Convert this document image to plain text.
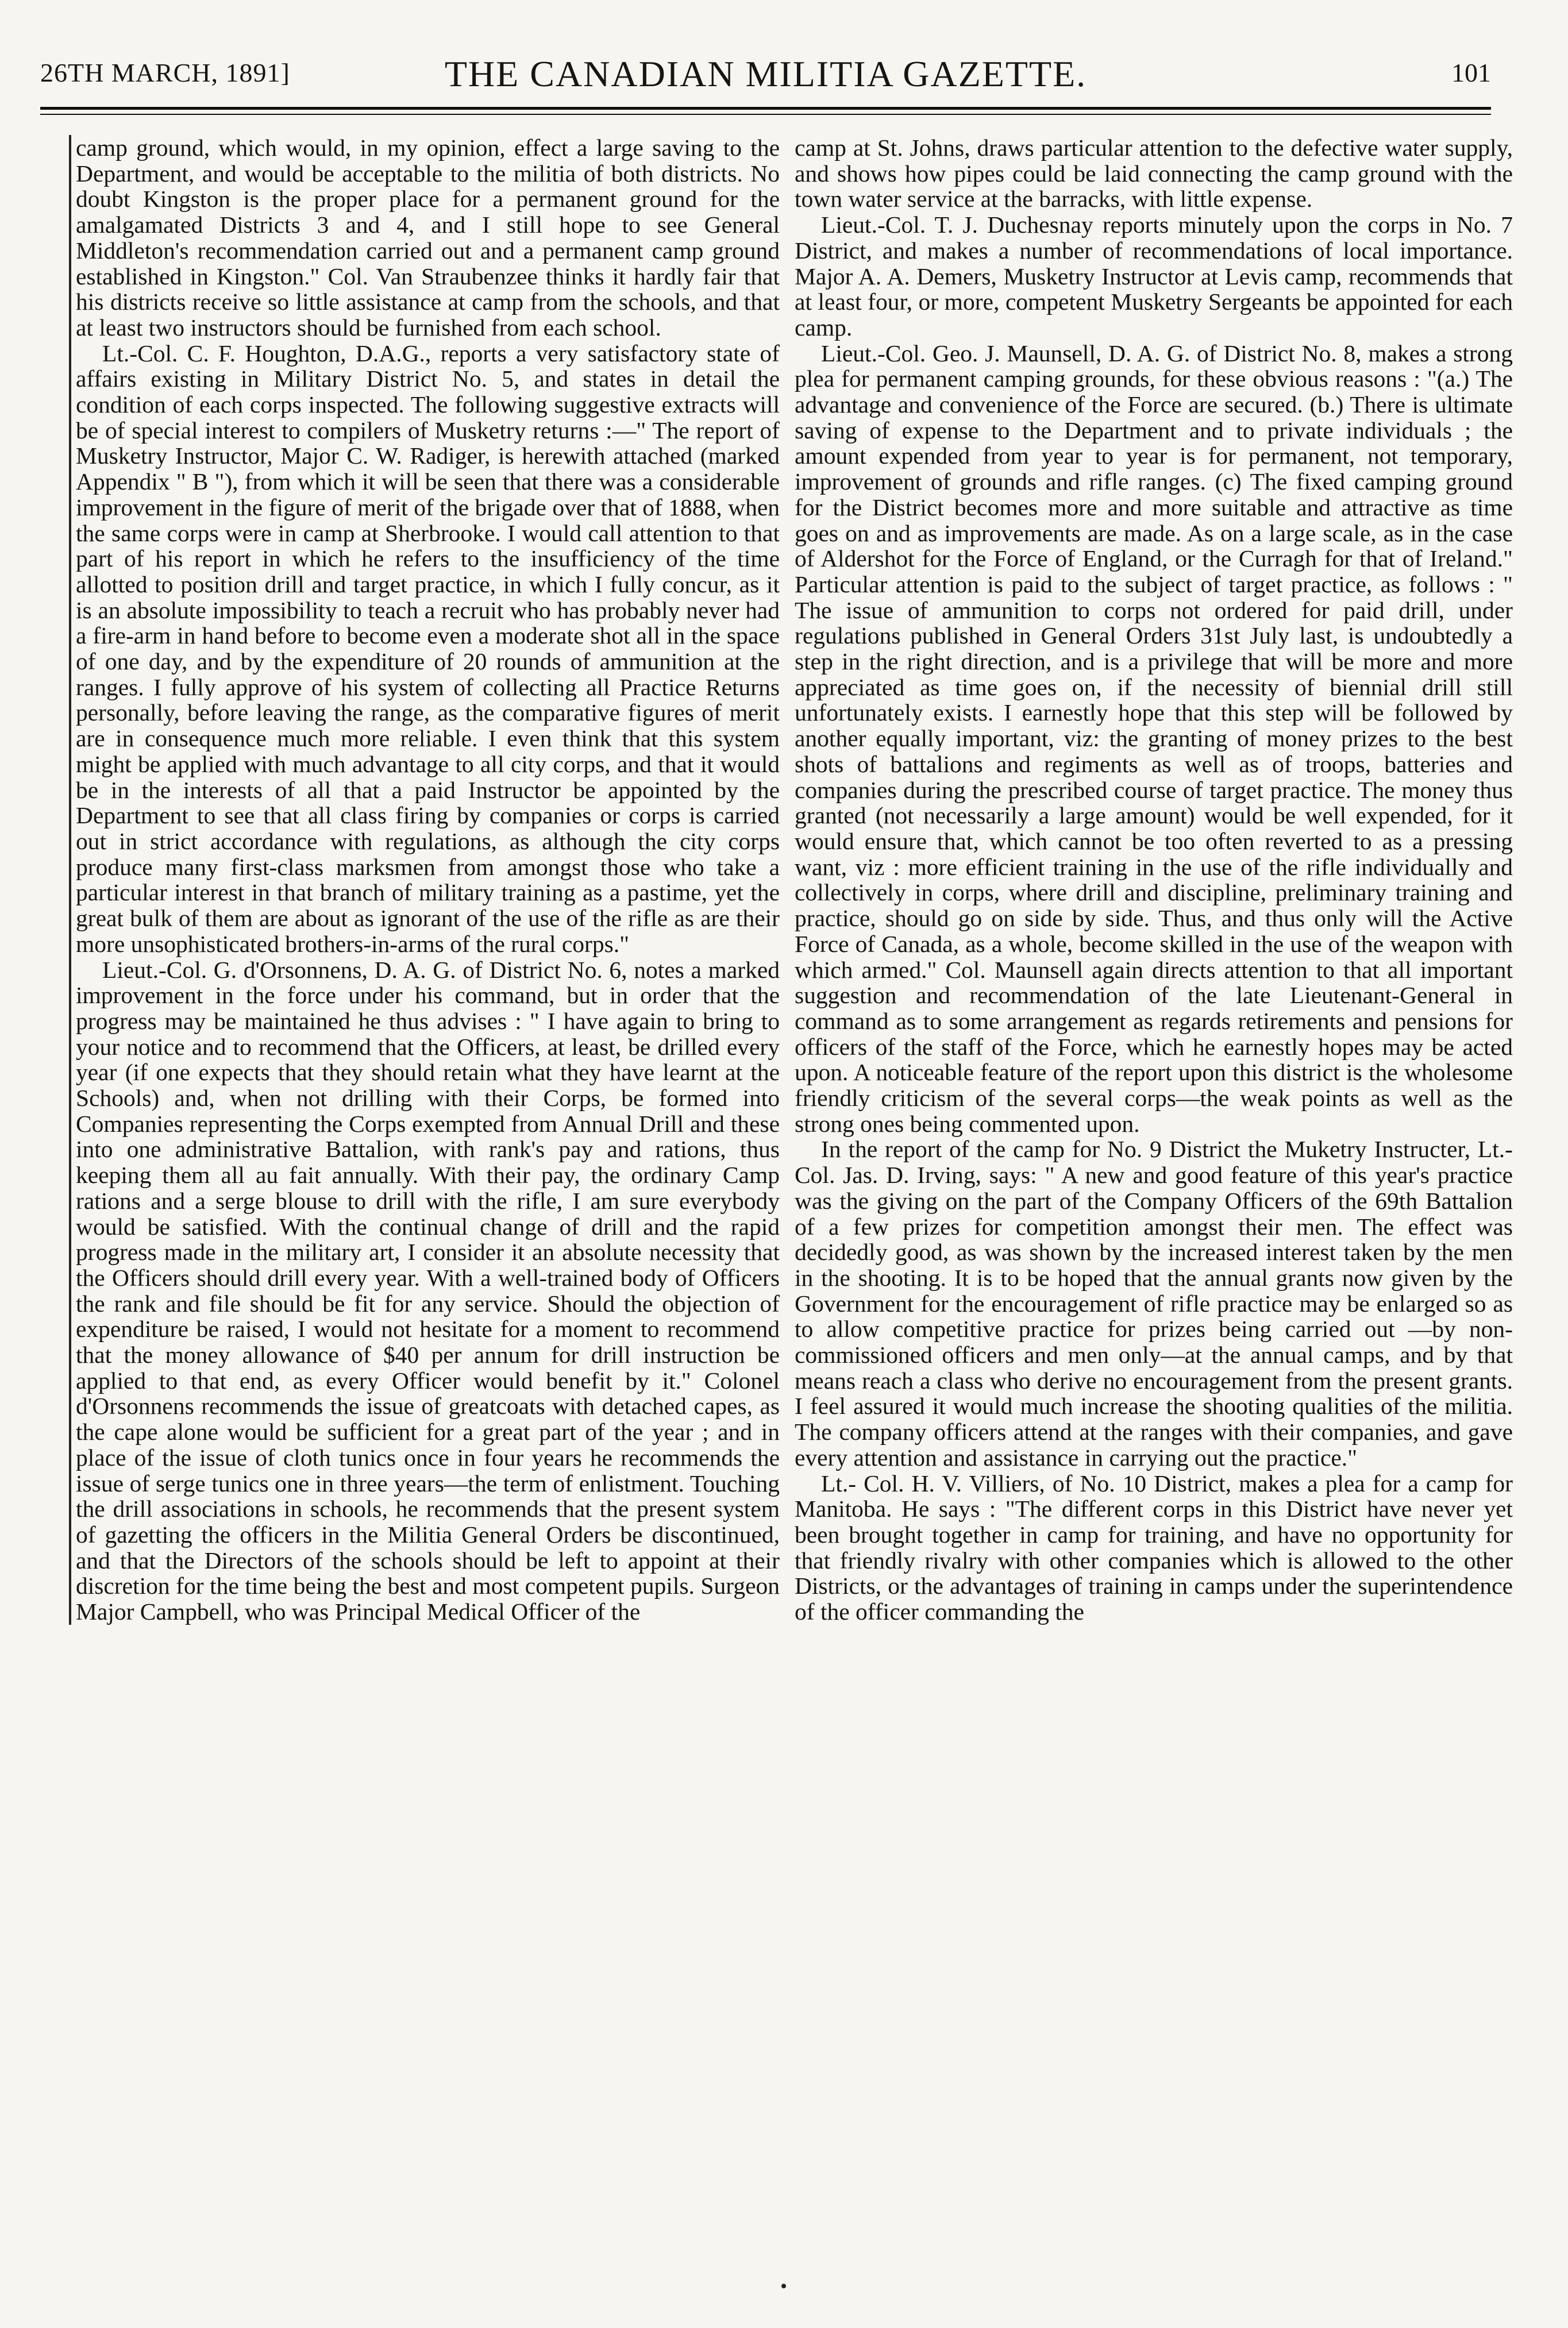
26TH MARCH, 1891]	THE CANADIAN MILITIA GAZETTE.	101

camp ground, which would, in my opinion, effect a large saving to the Department, and would be acceptable to the militia of both districts. No doubt Kingston is the proper place for a permanent ground for the amalgamated Districts 3 and 4, and I still hope to see General Middleton's recommendation carried out and a permanent camp ground established in Kingston." Col. Van Straubenzee thinks it hardly fair that his districts receive so little assistance at camp from the schools, and that at least two instructors should be furnished from each school.

Lt.-Col. C. F. Houghton, D.A.G., reports a very satisfactory state of affairs existing in Military District No. 5, and states in detail the condition of each corps inspected. The following suggestive extracts will be of special interest to compilers of Musketry returns :—" The report of Musketry Instructor, Major C. W. Radiger, is herewith attached (marked Appendix " B "), from which it will be seen that there was a considerable improvement in the figure of merit of the brigade over that of 1888, when the same corps were in camp at Sherbrooke. I would call attention to that part of his report in which he refers to the insufficiency of the time allotted to position drill and target practice, in which I fully concur, as it is an absolute impossibility to teach a recruit who has probably never had a fire-arm in hand before to become even a moderate shot all in the space of one day, and by the expenditure of 20 rounds of ammunition at the ranges. I fully approve of his system of collecting all Practice Returns personally, before leaving the range, as the comparative figures of merit are in consequence much more reliable. I even think that this system might be applied with much advantage to all city corps, and that it would be in the interests of all that a paid Instructor be appointed by the Department to see that all class firing by companies or corps is carried out in strict accordance with regulations, as although the city corps produce many first-class marksmen from amongst those who take a particular interest in that branch of military training as a pastime, yet the great bulk of them are about as ignorant of the use of the rifle as are their more unsophisticated brothers-in-arms of the rural corps."

Lieut.-Col. G. d'Orsonnens, D. A. G. of District No. 6, notes a marked improvement in the force under his command, but in order that the progress may be maintained he thus advises : " I have again to bring to your notice and to recommend that the Officers, at least, be drilled every year (if one expects that they should retain what they have learnt at the Schools) and, when not drilling with their Corps, be formed into Companies representing the Corps exempted from Annual Drill and these into one administrative Battalion, with rank's pay and rations, thus keeping them all au fait annually. With their pay, the ordinary Camp rations and a serge blouse to drill with the rifle, I am sure everybody would be satisfied. With the continual change of drill and the rapid progress made in the military art, I consider it an absolute necessity that the Officers should drill every year. With a well-trained body of Officers the rank and file should be fit for any service. Should the objection of expenditure be raised, I would not hesitate for a moment to recommend that the money allowance of $40 per annum for drill instruction be applied to that end, as every Officer would benefit by it." Colonel d'Orsonnens recommends the issue of greatcoats with detached capes, as the cape alone would be sufficient for a great part of the year ; and in place of the issue of cloth tunics once in four years he recommends the issue of serge tunics one in three years—the term of enlistment. Touching the drill associations in schools, he recommends that the present system of gazetting the officers in the Militia General Orders be discontinued, and that the Directors of the schools should be left to appoint at their discretion for the time being the best and most competent pupils. Surgeon Major Campbell, who was Principal Medical Officer of the

camp at St. Johns, draws particular attention to the defective water supply, and shows how pipes could be laid connecting the camp ground with the town water service at the barracks, with little expense.

Lieut.-Col. T. J. Duchesnay reports minutely upon the corps in No. 7 District, and makes a number of recommendations of local importance. Major A. A. Demers, Musketry Instructor at Levis camp, recommends that at least four, or more, competent Musketry Sergeants be appointed for each camp.

Lieut.-Col. Geo. J. Maunsell, D. A. G. of District No. 8, makes a strong plea for permanent camping grounds, for these obvious reasons : "(a.) The advantage and convenience of the Force are secured. (b.) There is ultimate saving of expense to the Department and to private individuals ; the amount expended from year to year is for permanent, not temporary, improvement of grounds and rifle ranges. (c) The fixed camping ground for the District becomes more and more suitable and attractive as time goes on and as improvements are made. As on a large scale, as in the case of Aldershot for the Force of England, or the Curragh for that of Ireland." Particular attention is paid to the subject of target practice, as follows : " The issue of ammunition to corps not ordered for paid drill, under regulations published in General Orders 31st July last, is undoubtedly a step in the right direction, and is a privilege that will be more and more appreciated as time goes on, if the necessity of biennial drill still unfortunately exists. I earnestly hope that this step will be followed by another equally important, viz: the granting of money prizes to the best shots of battalions and regiments as well as of troops, batteries and companies during the prescribed course of target practice. The money thus granted (not necessarily a large amount) would be well expended, for it would ensure that, which cannot be too often reverted to as a pressing want, viz : more efficient training in the use of the rifle individually and collectively in corps, where drill and discipline, preliminary training and practice, should go on side by side. Thus, and thus only will the Active Force of Canada, as a whole, become skilled in the use of the weapon with which armed." Col. Maunsell again directs attention to that all important suggestion and recommendation of the late Lieutenant-General in command as to some arrangement as regards retirements and pensions for officers of the staff of the Force, which he earnestly hopes may be acted upon. A noticeable feature of the report upon this district is the wholesome friendly criticism of the several corps—the weak points as well as the strong ones being commented upon.

In the report of the camp for No. 9 District the Muketry Instructer, Lt.-Col. Jas. D. Irving, says: " A new and good feature of this year's practice was the giving on the part of the Company Officers of the 69th Battalion of a few prizes for competition amongst their men. The effect was decidedly good, as was shown by the increased interest taken by the men in the shooting. It is to be hoped that the annual grants now given by the Government for the encouragement of rifle practice may be enlarged so as to allow competitive practice for prizes being carried out —by non-commissioned officers and men only—at the annual camps, and by that means reach a class who derive no encouragement from the present grants. I feel assured it would much increase the shooting qualities of the militia. The company officers attend at the ranges with their companies, and gave every attention and assistance in carrying out the practice."

Lt.- Col. H. V. Villiers, of No. 10 District, makes a plea for a camp for Manitoba. He says : "The different corps in this District have never yet been brought together in camp for training, and have no opportunity for that friendly rivalry with other companies which is allowed to the other Districts, or the advantages of training in camps under the superintendence of the officer commanding the
